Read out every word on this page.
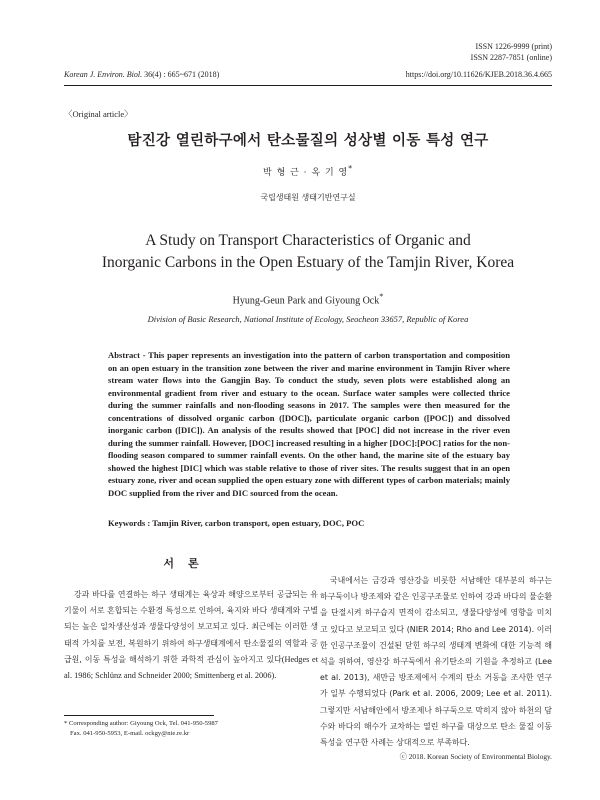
ISSN 1226-9999 (print)
ISSN 2287-7851 (online)
Korean J. Environ. Biol. 36(4) : 665~671 (2018)	https://doi.org/10.11626/KJEB.2018.36.4.665
〈Original article〉
탐진강 열린하구에서 탄소물질의 성상별 이동 특성 연구
박 형 근 · 옥 기 영*
국립생태원 생태기반연구실
A Study on Transport Characteristics of Organic and
Inorganic Carbons in the Open Estuary of the Tamjin River, Korea
Hyung-Geun Park and Giyoung Ock*
Division of Basic Research, National Institute of Ecology, Seocheon 33657, Republic of Korea
Abstract - This paper represents an investigation into the pattern of carbon transportation and composition on an open estuary in the transition zone between the river and marine environment in Tamjin River where stream water flows into the Gangjin Bay. To conduct the study, seven plots were established along an environmental gradient from river and estuary to the ocean. Surface water samples were collected thrice during the summer rainfalls and non-flooding seasons in 2017. The samples were then measured for the concentrations of dissolved organic carbon ([DOC]), particulate organic carbon ([POC]) and dissolved inorganic carbon ([DIC]). An analysis of the results showed that [POC] did not increase in the river even during the summer rainfall. However, [DOC] increased resulting in a higher [DOC]:[POC] ratios for the non-flooding season compared to summer rainfall events. On the other hand, the marine site of the estuary bay showed the highest [DIC] which was stable relative to those of river sites. The results suggest that in an open estuary zone, river and ocean supplied the open estuary zone with different types of carbon materials; mainly DOC supplied from the river and DIC sourced from the ocean.
Keywords : Tamjin River, carbon transport, open estuary, DOC, POC
서론

강과 바다를 연결하는 하구 생태계는 육상과 해양으로부터 공급되는 유기물이 서로 혼합되는 수환경 특성으로 인하여, 육지와 바다 생태계와 구별되는 높은 일차생산성과 생물다양성이 보고되고 있다. 최근에는 이러한 생태적 가치를 보전, 복원하기 위하여 하구생태계에서 탄소물질의 역할과 공급원, 이동 특성을 해석하기 위한 과학적 관심이 높아지고 있다(Hedges et al. 1986; Schlünz and Schneider 2000; Smittenberg et al. 2006).

국내에서는 금강과 영산강을 비롯한 서남해안 대부분의 하구는 하구둑이나 방조제와 같은 인공구조물로 인하여 강과 바다의 물순환을 단절시켜 하구습지 면적이 감소되고, 생물다양성에 영향을 미치고 있다고 보고되고 있다 (NIER 2014; Rho and Lee 2014). 이러한 인공구조물이 건설된 닫힌 하구의 생태계 변화에 대한 기능적 해석을 위하여, 영산강 하구둑에서 유기탄소의 기원을 추정하고 (Lee et al. 2013), 새만금 방조제에서 수계의 탄소 거동을 조사한 연구가 일부 수행되었다 (Park et al. 2006, 2009; Lee et al. 2011). 그렇지만 서남해안에서 방조제나 하구둑으로 막히지 않아 하천의 담수와 바다의 해수가 교차하는 열린 하구를 대상으로 탄소 물질 이동 특성을 연구한 사례는 상대적으로 부족하다.

* Corresponding author: Giyoung Ock, Tel. 041-950-5987
Fax. 041-950-5953, E-mail. ockgy@nie.re.kr
ⓒ 2018. Korean Society of Environmental Biology.
